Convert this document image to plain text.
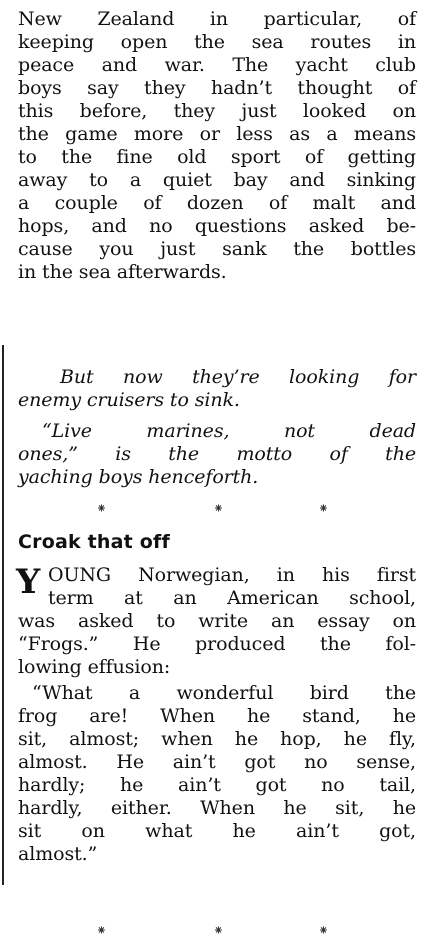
New Zealand in particular, of
keeping open the sea routes in
peace and war. The yacht club
boys say they hadn’t thought of
this before, they just looked on
the game more or less as a means
to the fine old sport of getting
away to a quiet bay and sinking
a couple of dozen of malt and
hops, and no questions asked be-
cause you just sank the bottles
in the sea afterwards.

But now they’re looking for
enemy cruisers to sink.

“Live marines, not dead
ones,” is the motto of the
yaching boys henceforth.

⁕	⁕	⁕
Croak that off
Y OUNG Norwegian, in his first
term at an American school,
was asked to write an essay on
“Frogs.” He produced the fol-
lowing effusion:

“What a wonderful bird the
frog are! When he stand, he
sit, almost; when he hop, he fly,
almost. He ain’t got no sense,
hardly; he ain’t got no tail,
hardly, either. When he sit, he
sit on what he ain’t got,
almost.”

⁕	⁕	⁕
